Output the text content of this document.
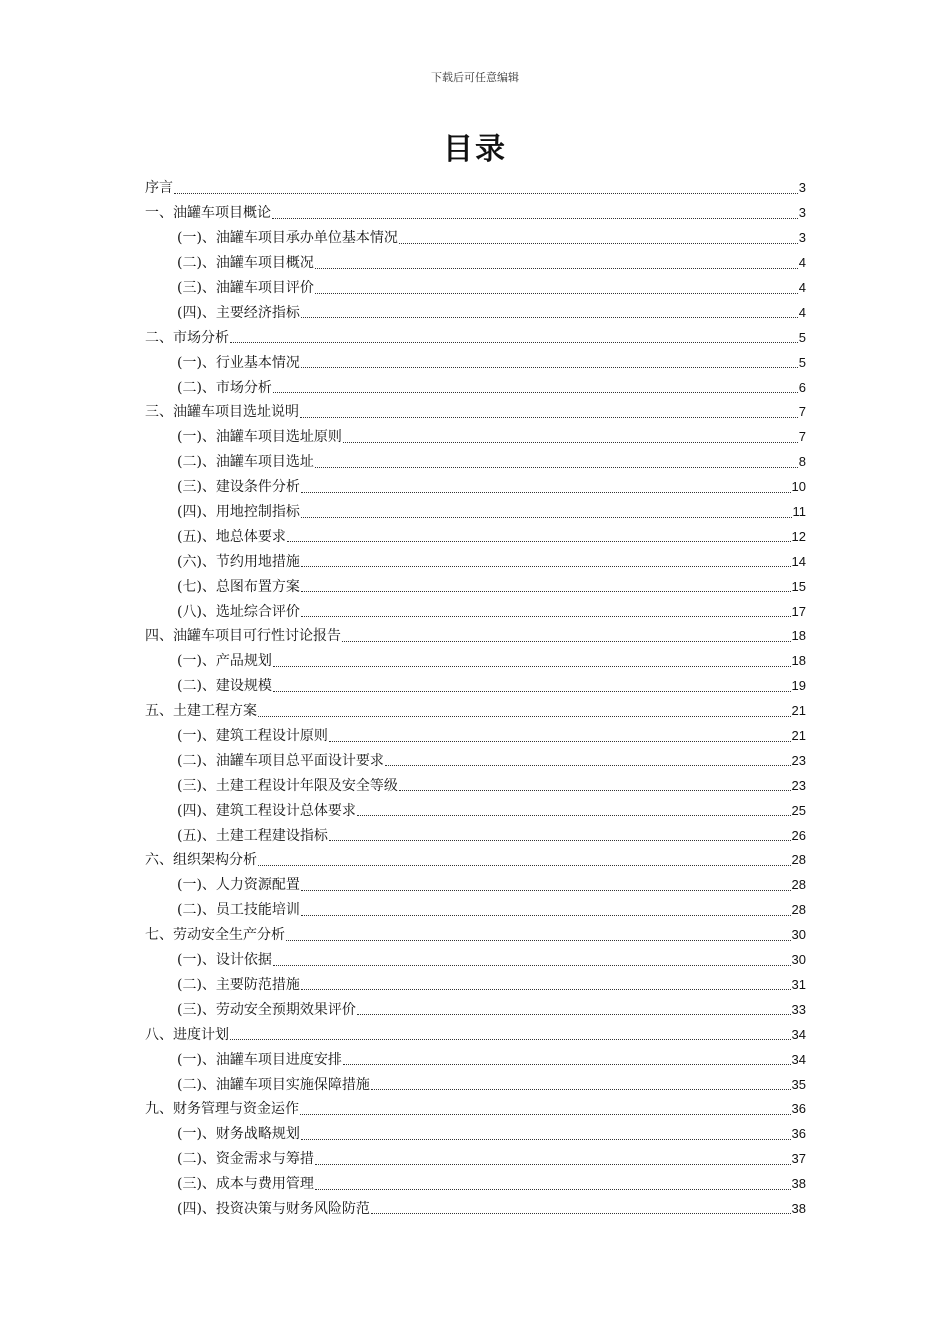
下载后可任意编辑
目录
序言	3
一、油罐车项目概论	3
(一)、油罐车项目承办单位基本情况	3
(二)、油罐车项目概况	4
(三)、油罐车项目评价	4
(四)、主要经济指标	4
二、市场分析	5
(一)、行业基本情况	5
(二)、市场分析	6
三、油罐车项目选址说明	7
(一)、油罐车项目选址原则	7
(二)、油罐车项目选址	8
(三)、建设条件分析	10
(四)、用地控制指标	11
(五)、地总体要求	12
(六)、节约用地措施	14
(七)、总图布置方案	15
(八)、选址综合评价	17
四、油罐车项目可行性讨论报告	18
(一)、产品规划	18
(二)、建设规模	19
五、土建工程方案	21
(一)、建筑工程设计原则	21
(二)、油罐车项目总平面设计要求	23
(三)、土建工程设计年限及安全等级	23
(四)、建筑工程设计总体要求	25
(五)、土建工程建设指标	26
六、组织架构分析	28
(一)、人力资源配置	28
(二)、员工技能培训	28
七、劳动安全生产分析	30
(一)、设计依据	30
(二)、主要防范措施	31
(三)、劳动安全预期效果评价	33
八、进度计划	34
(一)、油罐车项目进度安排	34
(二)、油罐车项目实施保障措施	35
九、财务管理与资金运作	36
(一)、财务战略规划	36
(二)、资金需求与筹措	37
(三)、成本与费用管理	38
(四)、投资决策与财务风险防范	38
